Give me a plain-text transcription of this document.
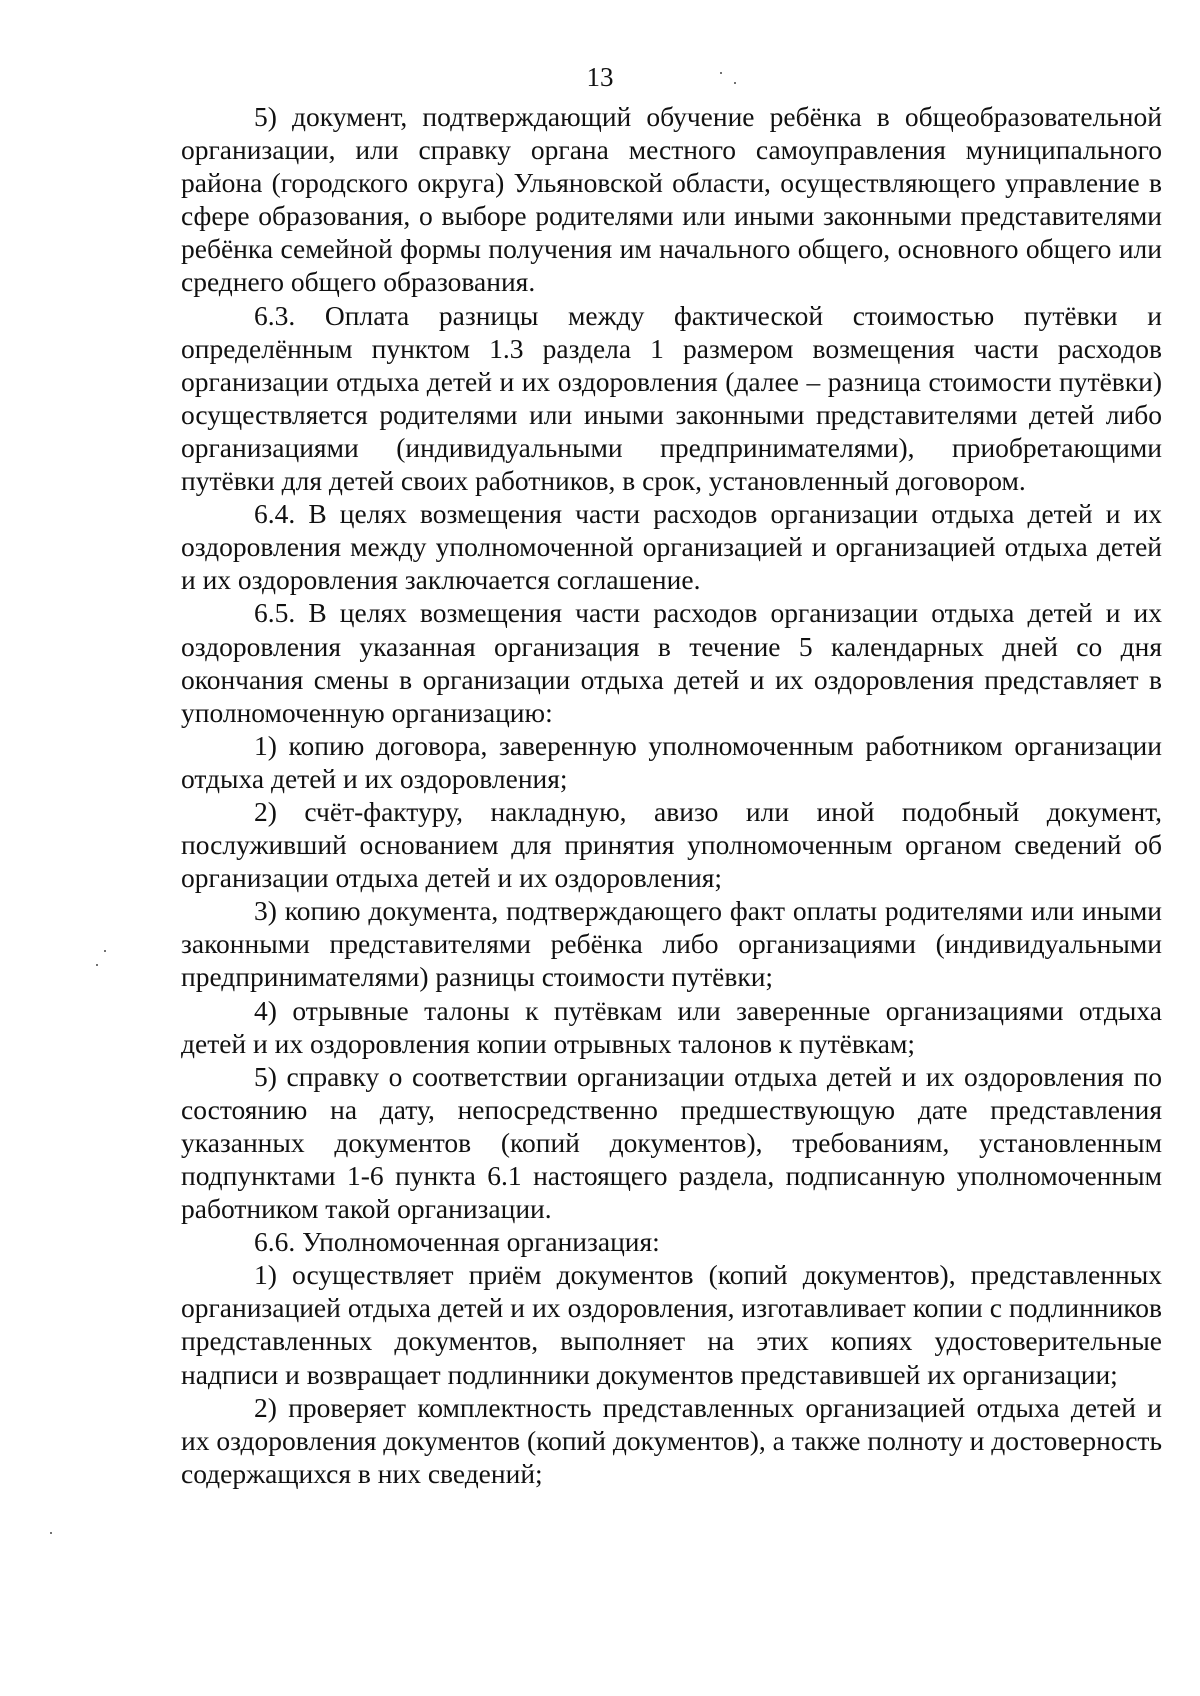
13

5) документ, подтверждающий обучение ребёнка в общеобразовательной организации, или справку органа местного самоуправления муниципального района (городского округа) Ульяновской области, осуществляющего управление в сфере образования, о выборе родителями или иными законными представителями ребёнка семейной формы получения им начального общего, основного общего или среднего общего образования.

6.3. Оплата разницы между фактической стоимостью путёвки и определённым пунктом 1.3 раздела 1 размером возмещения части расходов организации отдыха детей и их оздоровления (далее – разница стоимости путёвки) осуществляется родителями или иными законными представителями детей либо организациями (индивидуальными предпринимателями), приобретающими путёвки для детей своих работников, в срок, установленный договором.

6.4. В целях возмещения части расходов организации отдыха детей и их оздоровления между уполномоченной организацией и организацией отдыха детей и их оздоровления заключается соглашение.

6.5. В целях возмещения части расходов организации отдыха детей и их оздоровления указанная организация в течение 5 календарных дней со дня окончания смены в организации отдыха детей и их оздоровления представляет в уполномоченную организацию:

1) копию договора, заверенную уполномоченным работником организации отдыха детей и их оздоровления;

2) счёт-фактуру, накладную, авизо или иной подобный документ, послуживший основанием для принятия уполномоченным органом сведений об организации отдыха детей и их оздоровления;

3) копию документа, подтверждающего факт оплаты родителями или иными законными представителями ребёнка либо организациями (индивидуальными предпринимателями) разницы стоимости путёвки;

4) отрывные талоны к путёвкам или заверенные организациями отдыха детей и их оздоровления копии отрывных талонов к путёвкам;

5) справку о соответствии организации отдыха детей и их оздоровления по состоянию на дату, непосредственно предшествующую дате представления указанных документов (копий документов), требованиям, установленным подпунктами 1-6 пункта 6.1 настоящего раздела, подписанную уполномоченным работником такой организации.

6.6. Уполномоченная организация:

1) осуществляет приём документов (копий документов), представленных организацией отдыха детей и их оздоровления, изготавливает копии с подлинников представленных документов, выполняет на этих копиях удостоверительные надписи и возвращает подлинники документов представившей их организации;

2) проверяет комплектность представленных организацией отдыха детей и их оздоровления документов (копий документов), а также полноту и достоверность содержащихся в них сведений;
